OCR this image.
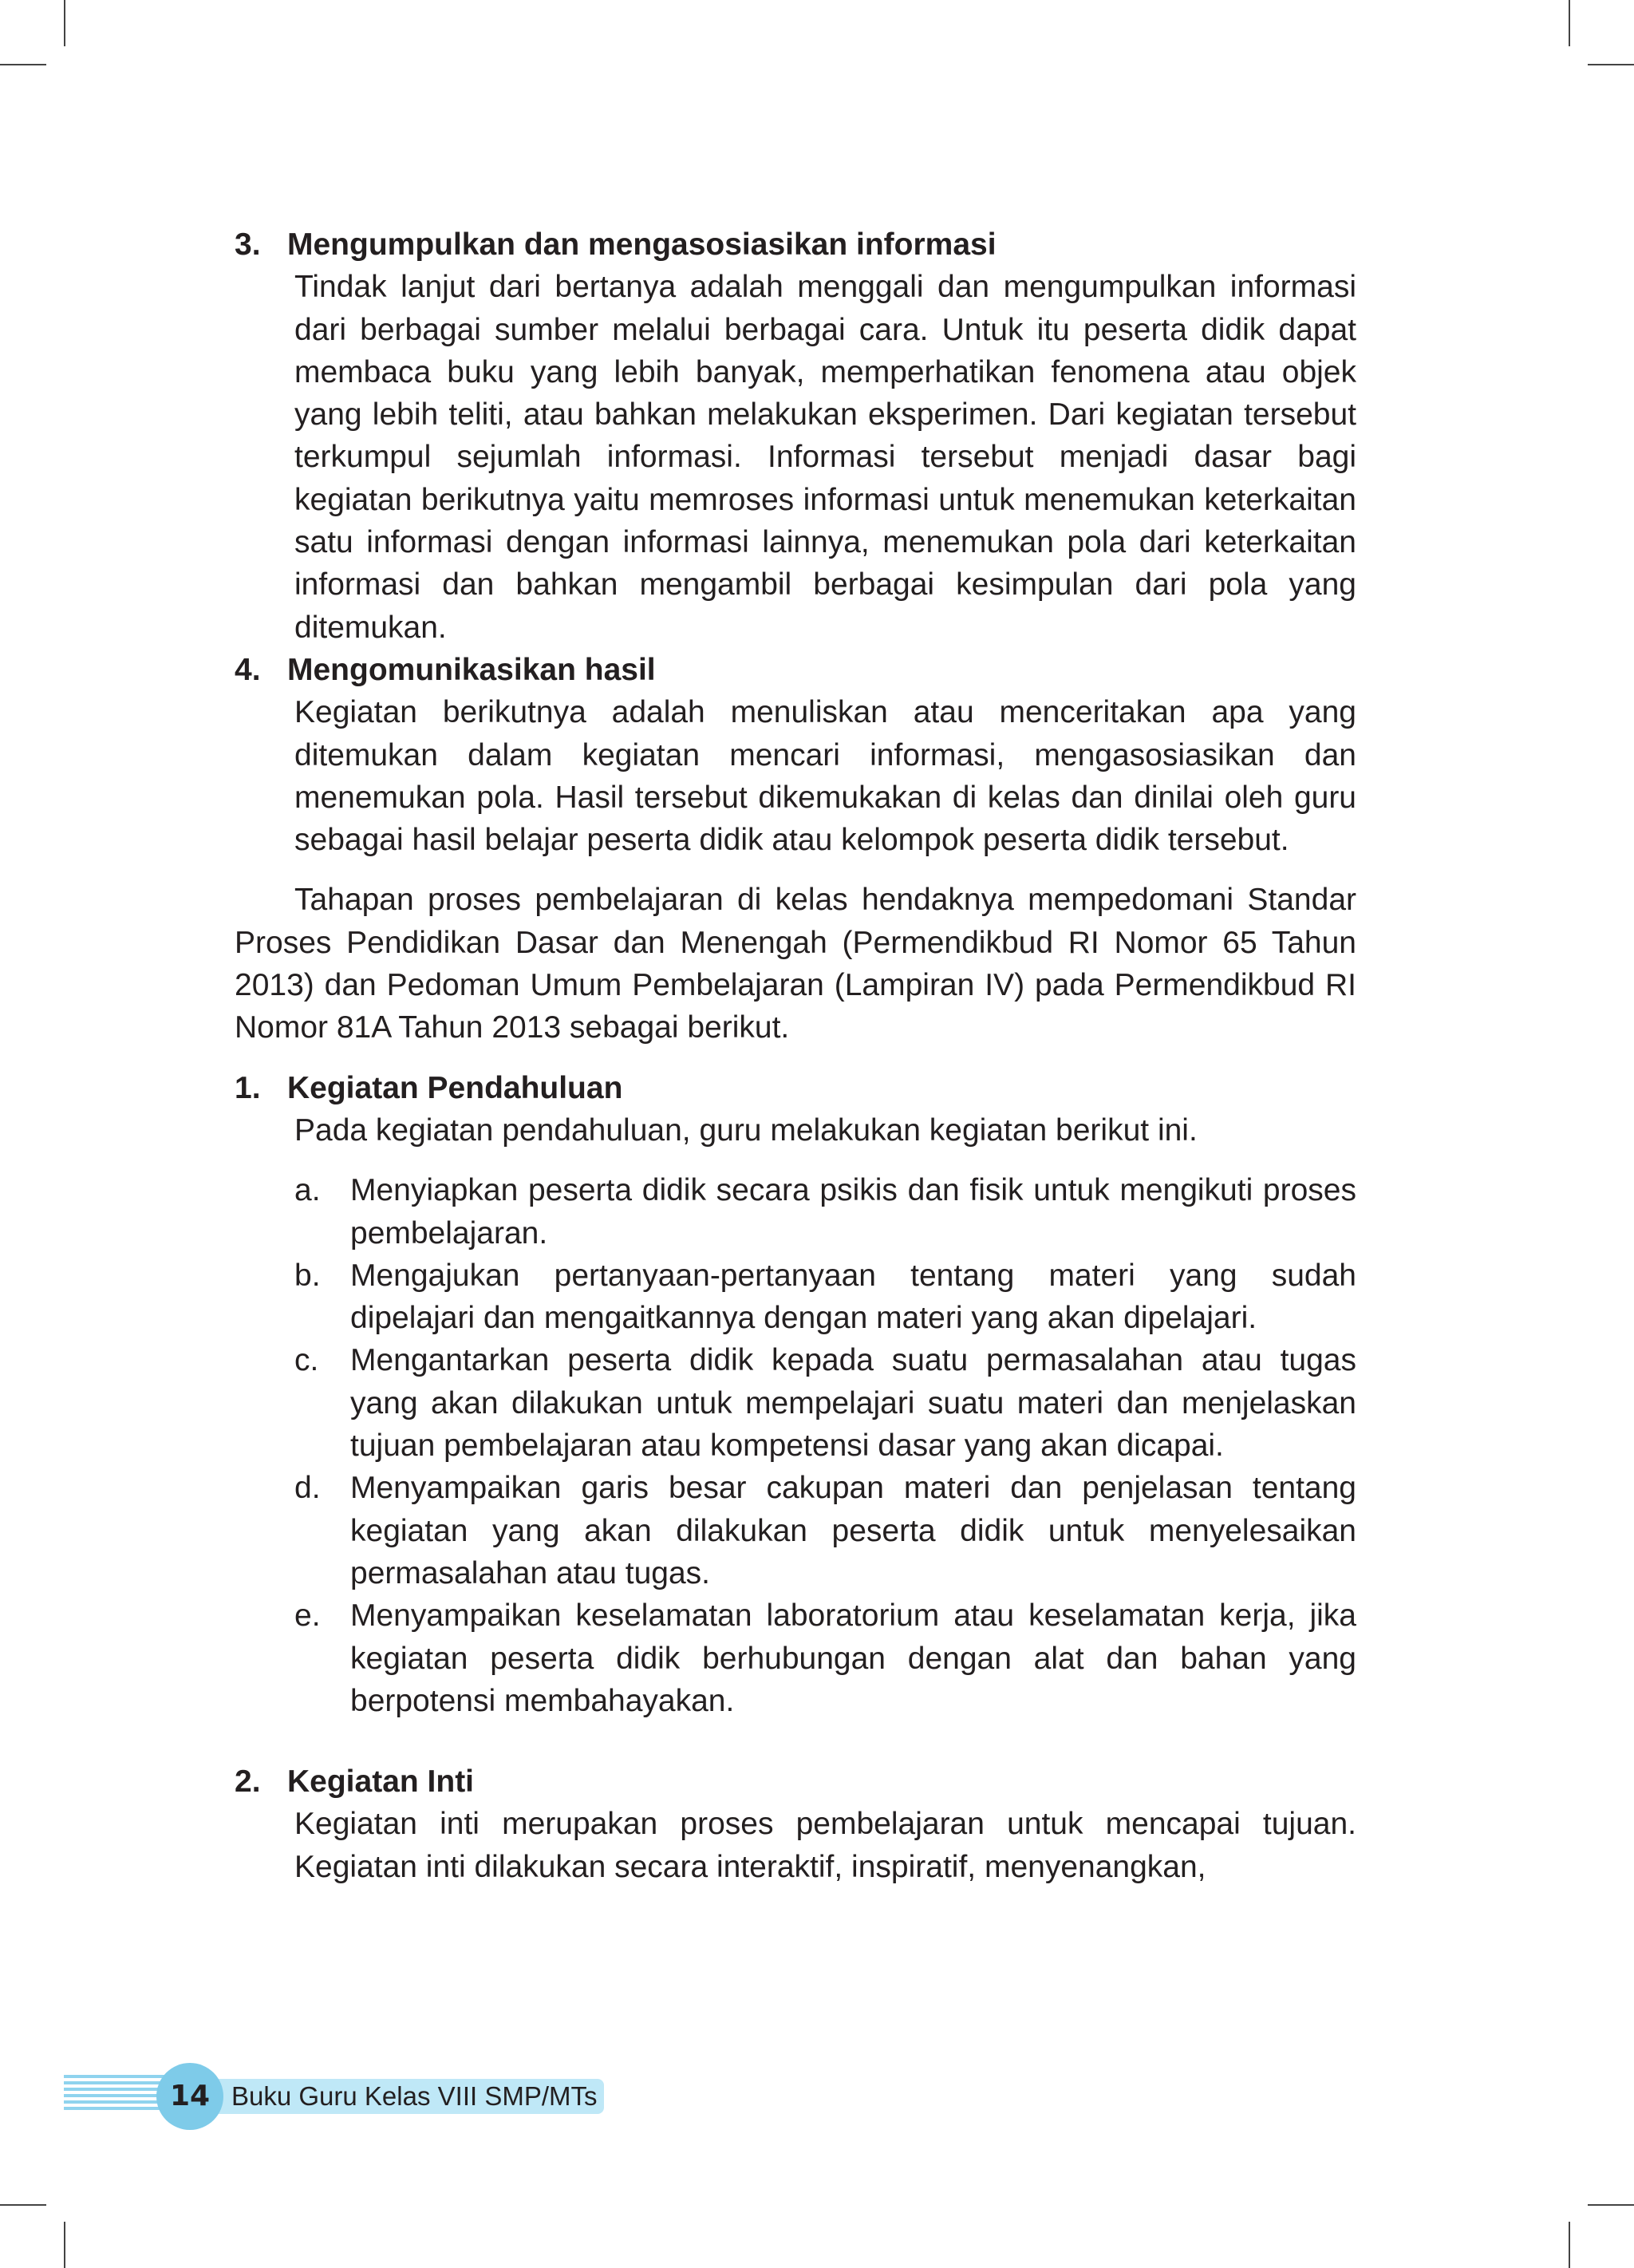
3. Mengumpulkan dan mengasosiasikan informasi
Tindak lanjut dari bertanya adalah menggali dan mengumpulkan informasi dari berbagai sumber melalui berbagai cara. Untuk itu peserta didik dapat membaca buku yang lebih banyak, memperhatikan fenomena atau objek yang lebih teliti, atau bahkan melakukan eksperimen. Dari kegiatan tersebut terkumpul sejumlah informasi. Informasi tersebut menjadi dasar bagi kegiatan berikutnya yaitu memroses informasi untuk menemukan keterkaitan satu informasi dengan informasi lainnya, menemukan pola dari keterkaitan informasi dan bahkan mengambil berbagai kesimpulan dari pola yang ditemukan.
4. Mengomunikasikan hasil
Kegiatan berikutnya adalah menuliskan atau menceritakan apa yang ditemukan dalam kegiatan mencari informasi, mengasosiasikan dan menemukan pola. Hasil tersebut dikemukakan di kelas dan dinilai oleh guru sebagai hasil belajar peserta didik atau kelompok peserta didik tersebut.
Tahapan proses pembelajaran di kelas hendaknya mempedomani Standar Proses Pendidikan Dasar dan Menengah (Permendikbud RI Nomor 65 Tahun 2013) dan Pedoman Umum Pembelajaran (Lampiran IV) pada Permendikbud RI Nomor 81A Tahun 2013 sebagai berikut.
1. Kegiatan Pendahuluan
Pada kegiatan pendahuluan, guru melakukan kegiatan berikut ini.
a. Menyiapkan peserta didik secara psikis dan fisik untuk mengikuti proses pembelajaran.
b. Mengajukan pertanyaan-pertanyaan tentang materi yang sudah dipelajari dan mengaitkannya dengan materi yang akan dipelajari.
c.	Mengantarkan peserta didik kepada suatu permasalahan atau tugas yang akan dilakukan untuk mempelajari suatu materi dan menjelaskan tujuan pembelajaran atau kompetensi dasar yang akan dicapai.
d. Menyampaikan garis besar cakupan materi dan penjelasan tentang kegiatan yang akan dilakukan peserta didik untuk menyelesaikan permasalahan atau tugas.
e. Menyampaikan keselamatan laboratorium atau keselamatan kerja, jika kegiatan peserta didik berhubungan dengan alat dan bahan yang berpotensi membahayakan.
2. Kegiatan Inti
Kegiatan inti merupakan proses pembelajaran untuk mencapai tujuan. Kegiatan inti dilakukan secara interaktif, inspiratif, menyenangkan,
Buku Guru Kelas VIII SMP/MTs
14
